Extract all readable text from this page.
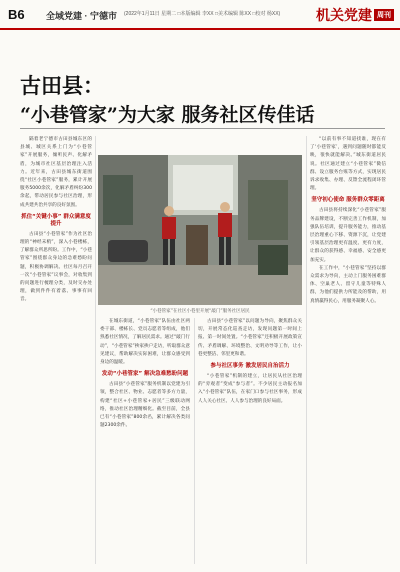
B6 全域党建 · 宁德市 (2022年1月11日 星期二 □本版编辑 李XX □美术编辑 陈XX □校对 杨XX)	机关党建 周刊
古田县：
“小巷管家”为大家 服务社区传佳话

隔着老宁德市古田县城东区的县城、城区关系上门为“小巷管家”开展服务，倾听民声、化解矛盾，为城市社区基层治理注入活力。近年来，古田县城东街道围绕“社区小巷管家”服务，累计开展服务5000余次，化解矛盾纠纷300余起，带动居民参与社区治理，形成共建共治共享的良好氛围。

抓住“关键小事” 群众满意度提升

古田县“小巷管家”作为社区治理的“神经末梢”，深入小巷楼栋，了解群众所思所盼。工作中，“小巷管家”围绕群众身边的急难愁盼问题，积极协调解决。社区每月召开一次“小巷管家”议事会，对收集到的问题进行梳理分类，及时交办处理，做到件件有着落、事事有回音。

“小巷管家”在社区小巷里开展“敲门”服务社区居民

在城东街道，“小巷管家”队伍由社区两委干部、楼栋长、党员志愿者等组成，他们熟悉社区情况，了解居民需求。通过“敲门行动”，“小巷管家”挨家挨户走访，听取群众意见建议，帮助解决实际困难，让群众感受到身边的温暖。

发动“小巷管家” 解决急难愁盼问题

古田县“小巷管家”服务机制以党建为引领，整合社区、物业、志愿者等多方力量，构建“社区+小巷管家+居民”三级联动网络，推动社区治理精细化。截至目前，全县已有“小巷管家”800余名，累计解决各类问题2300余件。

古田县“小巷管家”以问题为导向，聚焦群众关切，开展常态化巡查走访，发现问题第一时间上报、第一时间处置。“小巷管家”还积极开展政策宣传、矛盾调解、环境整治、文明劝导等工作，让小巷更整洁、邻里更和谐。

参与社区事务 激发居民自治活力

“小巷管家”机制的建立，让居民从社区治理的“旁观者”变成“参与者”。不少居民主动报名加入“小巷管家”队伍，在家门口参与社区事务，形成人人关心社区、人人参与治理的良好局面。

“以前有事不知道找谁，现在有了‘小巷管家’，遇到问题随时都能反映，很快就能解决。”城东街道居民说。社区通过建立“小巷管家”微信群、设立服务台账等方式，实现居民诉求收集、办理、反馈全流程闭环管理。

坚守初心使命 服务群众零距离

古田县将持续深化“小巷管家”服务品牌建设，不断完善工作机制，加强队伍培训，提升服务能力，推动基层治理重心下移、资源下沉，让党建引领基层治理更有温度、更有力度，让群众的获得感、幸福感、安全感更加充实。

在工作中，“小巷管家”坚持以群众需求为导向，主动上门服务困难群体、空巢老人、留守儿童等特殊人群，为他们提供力所能及的帮助，用真情赢得民心，用服务凝聚人心。
